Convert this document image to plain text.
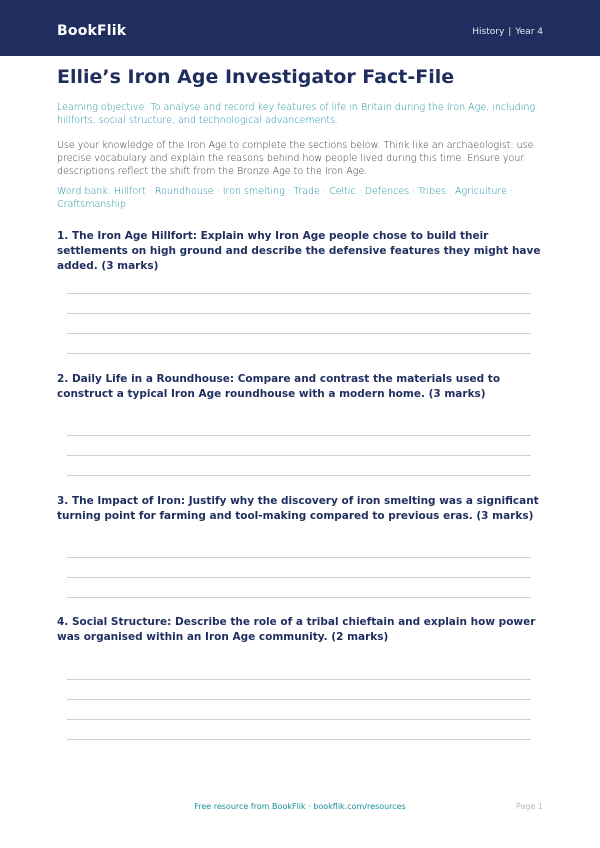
BookFlik	History | Year 4
Ellie’s Iron Age Investigator Fact-File

Learning objective: To analyse and record key features of life in Britain during the Iron Age, including hillforts, social structure, and technological advancements.

Use your knowledge of the Iron Age to complete the sections below. Think like an archaeologist: use precise vocabulary and explain the reasons behind how people lived during this time. Ensure your descriptions reflect the shift from the Bronze Age to the Iron Age.

Word bank: Hillfort · Roundhouse · Iron smelting · Trade · Celtic · Defences · Tribes · Agriculture · Craftsmanship

1. The Iron Age Hillfort: Explain why Iron Age people chose to build their settlements on high ground and describe the defensive features they might have added. (3 marks)

2. Daily Life in a Roundhouse: Compare and contrast the materials used to construct a typical Iron Age roundhouse with a modern home. (3 marks)

3. The Impact of Iron: Justify why the discovery of iron smelting was a significant turning point for farming and tool-making compared to previous eras. (3 marks)

4. Social Structure: Describe the role of a tribal chieftain and explain how power was organised within an Iron Age community. (2 marks)

Free resource from BookFlik · bookflik.com/resources	Page 1
